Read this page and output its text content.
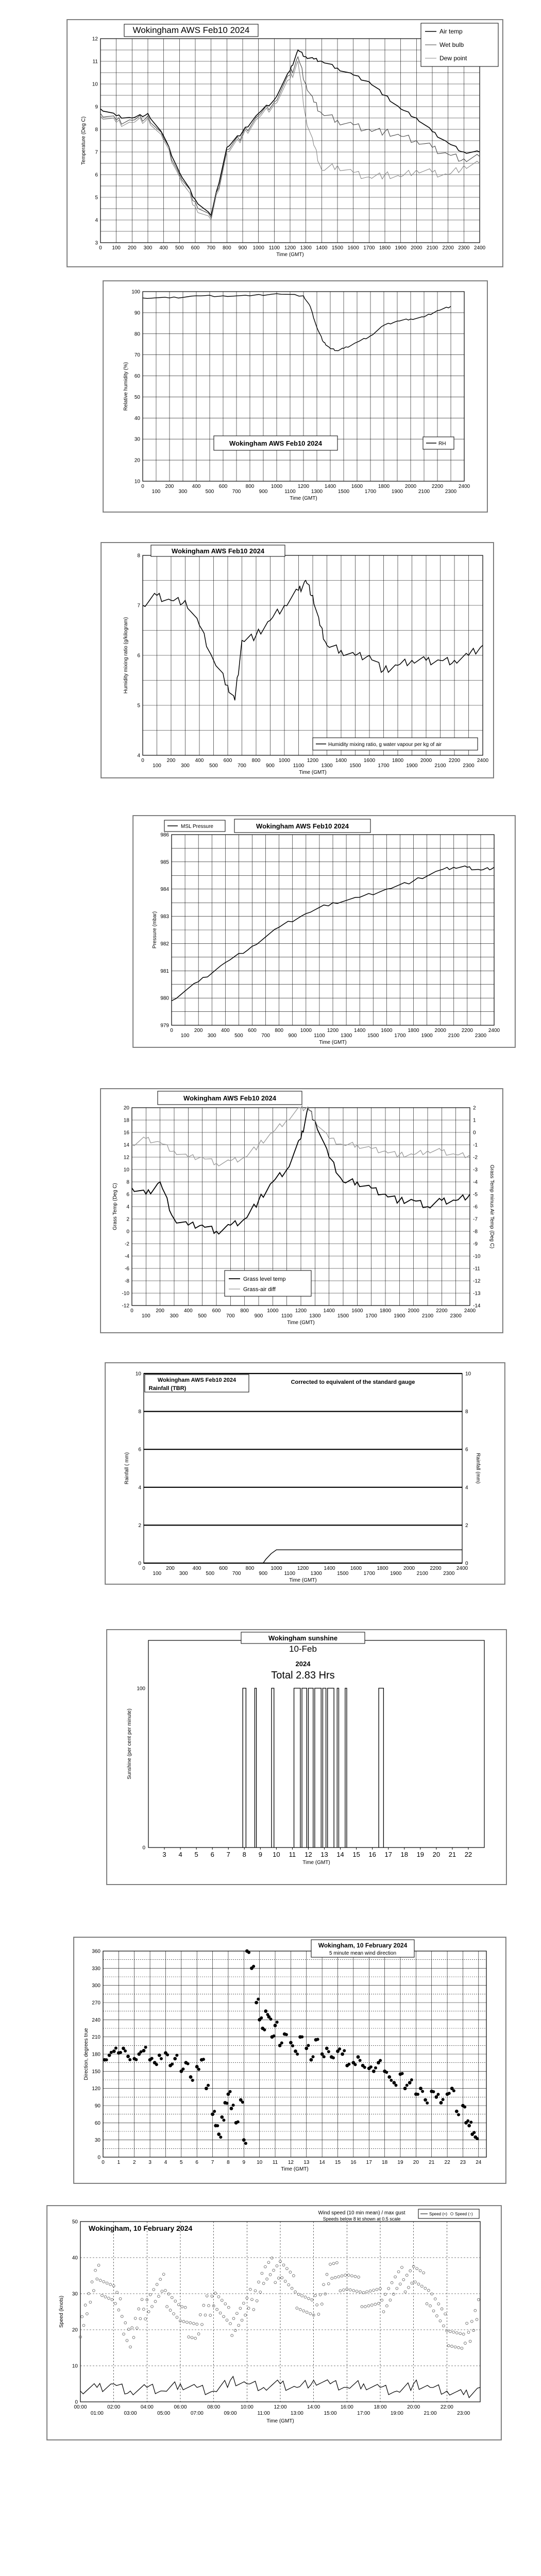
0 100 200 300 400 500 600 700 800 900 1000 1100 1200 1300 1400 1500 1600 1700 1800 1900 2000 2100 2200 2300 2400
3
4
5
6
7
8
9
10
11
12
Time (GMT)
Temperature (Deg C)
Wokingham AWS Feb10 2024	Air temp
Wet bulb
Dew point
0
100
200
300
400
500
600
700
800
900
1000
1100
1200
1300
1400
1500
1600
1700
1800
1900
2000
2100
2200
2300
2400
10
20
30
40
50
60
70
80
90
100
Time (GMT)
Relative humidity (%)
Wokingham AWS Feb10 2024	RH
0
100
200
300
400
500
600
700
800
900
1000
1100
1200
1300
1400
1500
1600
1700
1800
1900
2000
2100
2200
2300
2400
4
5
6
7
8
Time (GMT)
Humidity mixing ratio (g/kilogram)
Wokingham AWS Feb10 2024
Humidity mixing ratio, g water vapour per kg of air
0
100
200
300
400
500
600
700
800
900
1000
1100
1200
1300
1400
1500
1600
1700
1800
1900
2000
2100
2200
2300
2400
979
980
981
982
983
984
985
986
Time (GMT)
Pressure (mbar)
MSL Pressure	Wokingham AWS Feb10 2024
0
100
200
300
400
500
600
700
800
900
1000
1100
1200
1300
1400
1500
1600
1700
1800
1900
2000
2100
2200
2300
2400
-12
-10
-8
-6
-4
-2
0
2
4
6
8
10
12
14
16
18
20
Time (GMT)
Grass Temp (Deg C)
-14
-13
-12
-11
-10
-9
-8
-7
-6
-5
-4
-3
-2
-1
0
1
2
Grass Temp minus Air Temp (Deg C)
Wokingham AWS Feb10 2024
Grass level temp
Grass-air diff
0
100
200
300
400
500
600
700
800
900
1000
1100
1200
1300
1400
1500
1600
1700
1800
1900
2000
2100
2200
2300
2400
0
2
4
6
8
10
Time (GMT)
Rainfall ( mm)
0
2
4
6
8
10
Rainfall (mm)
Wokingham AWS Feb10 2024
Rainfall (TBR)
Corrected to equivalent of the standard gauge
3 4 5 6 7 8 9 10 11 12 13 14 15 16 17 18 19 20 21 22
0
100
Time (GMT)
Sunshine (per cent per minute)
Wokingham sunshine
10-Feb
2024
Total 2.83 Hrs
0 1 2 3 4 5 6 7 8 9 10 11 12 13 14 15 16 17 18 19 20 21 22 23 24
0
30
60
90
120
150
180
210
240
270
300
330
360
Time (GMT)
Direction, degrees true
Wokingham, 10 February 2024
5 minute mean wind direction
0
10
20
30
40
50
00:00	02:00	04:00	06:00	08:00	10:00	12:00	14:00	16:00	18:00	20:00	22:00
01:00	03:00	05:00	07:00	09:00	11:00	13:00	15:00	17:00	19:00	21:00	23:00
Time (GMT)
Speed (knots)
Wokingham, 10 February 2024
Wind speed (10 min mean) / max gust
Speeds below 8 kt shown at 0.5 scale
Speed (≈) Speed (↑)
